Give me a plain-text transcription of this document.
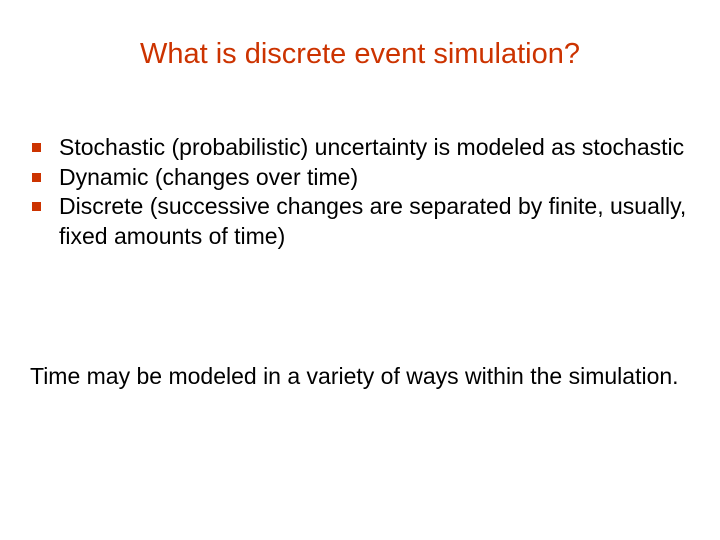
What is discrete event simulation?
Stochastic (probabilistic) uncertainty is modeled as stochastic
Dynamic (changes over time)
Discrete (successive changes are separated by finite, usually, fixed amounts of time)

Time may be modeled in a variety of ways within the simulation.
